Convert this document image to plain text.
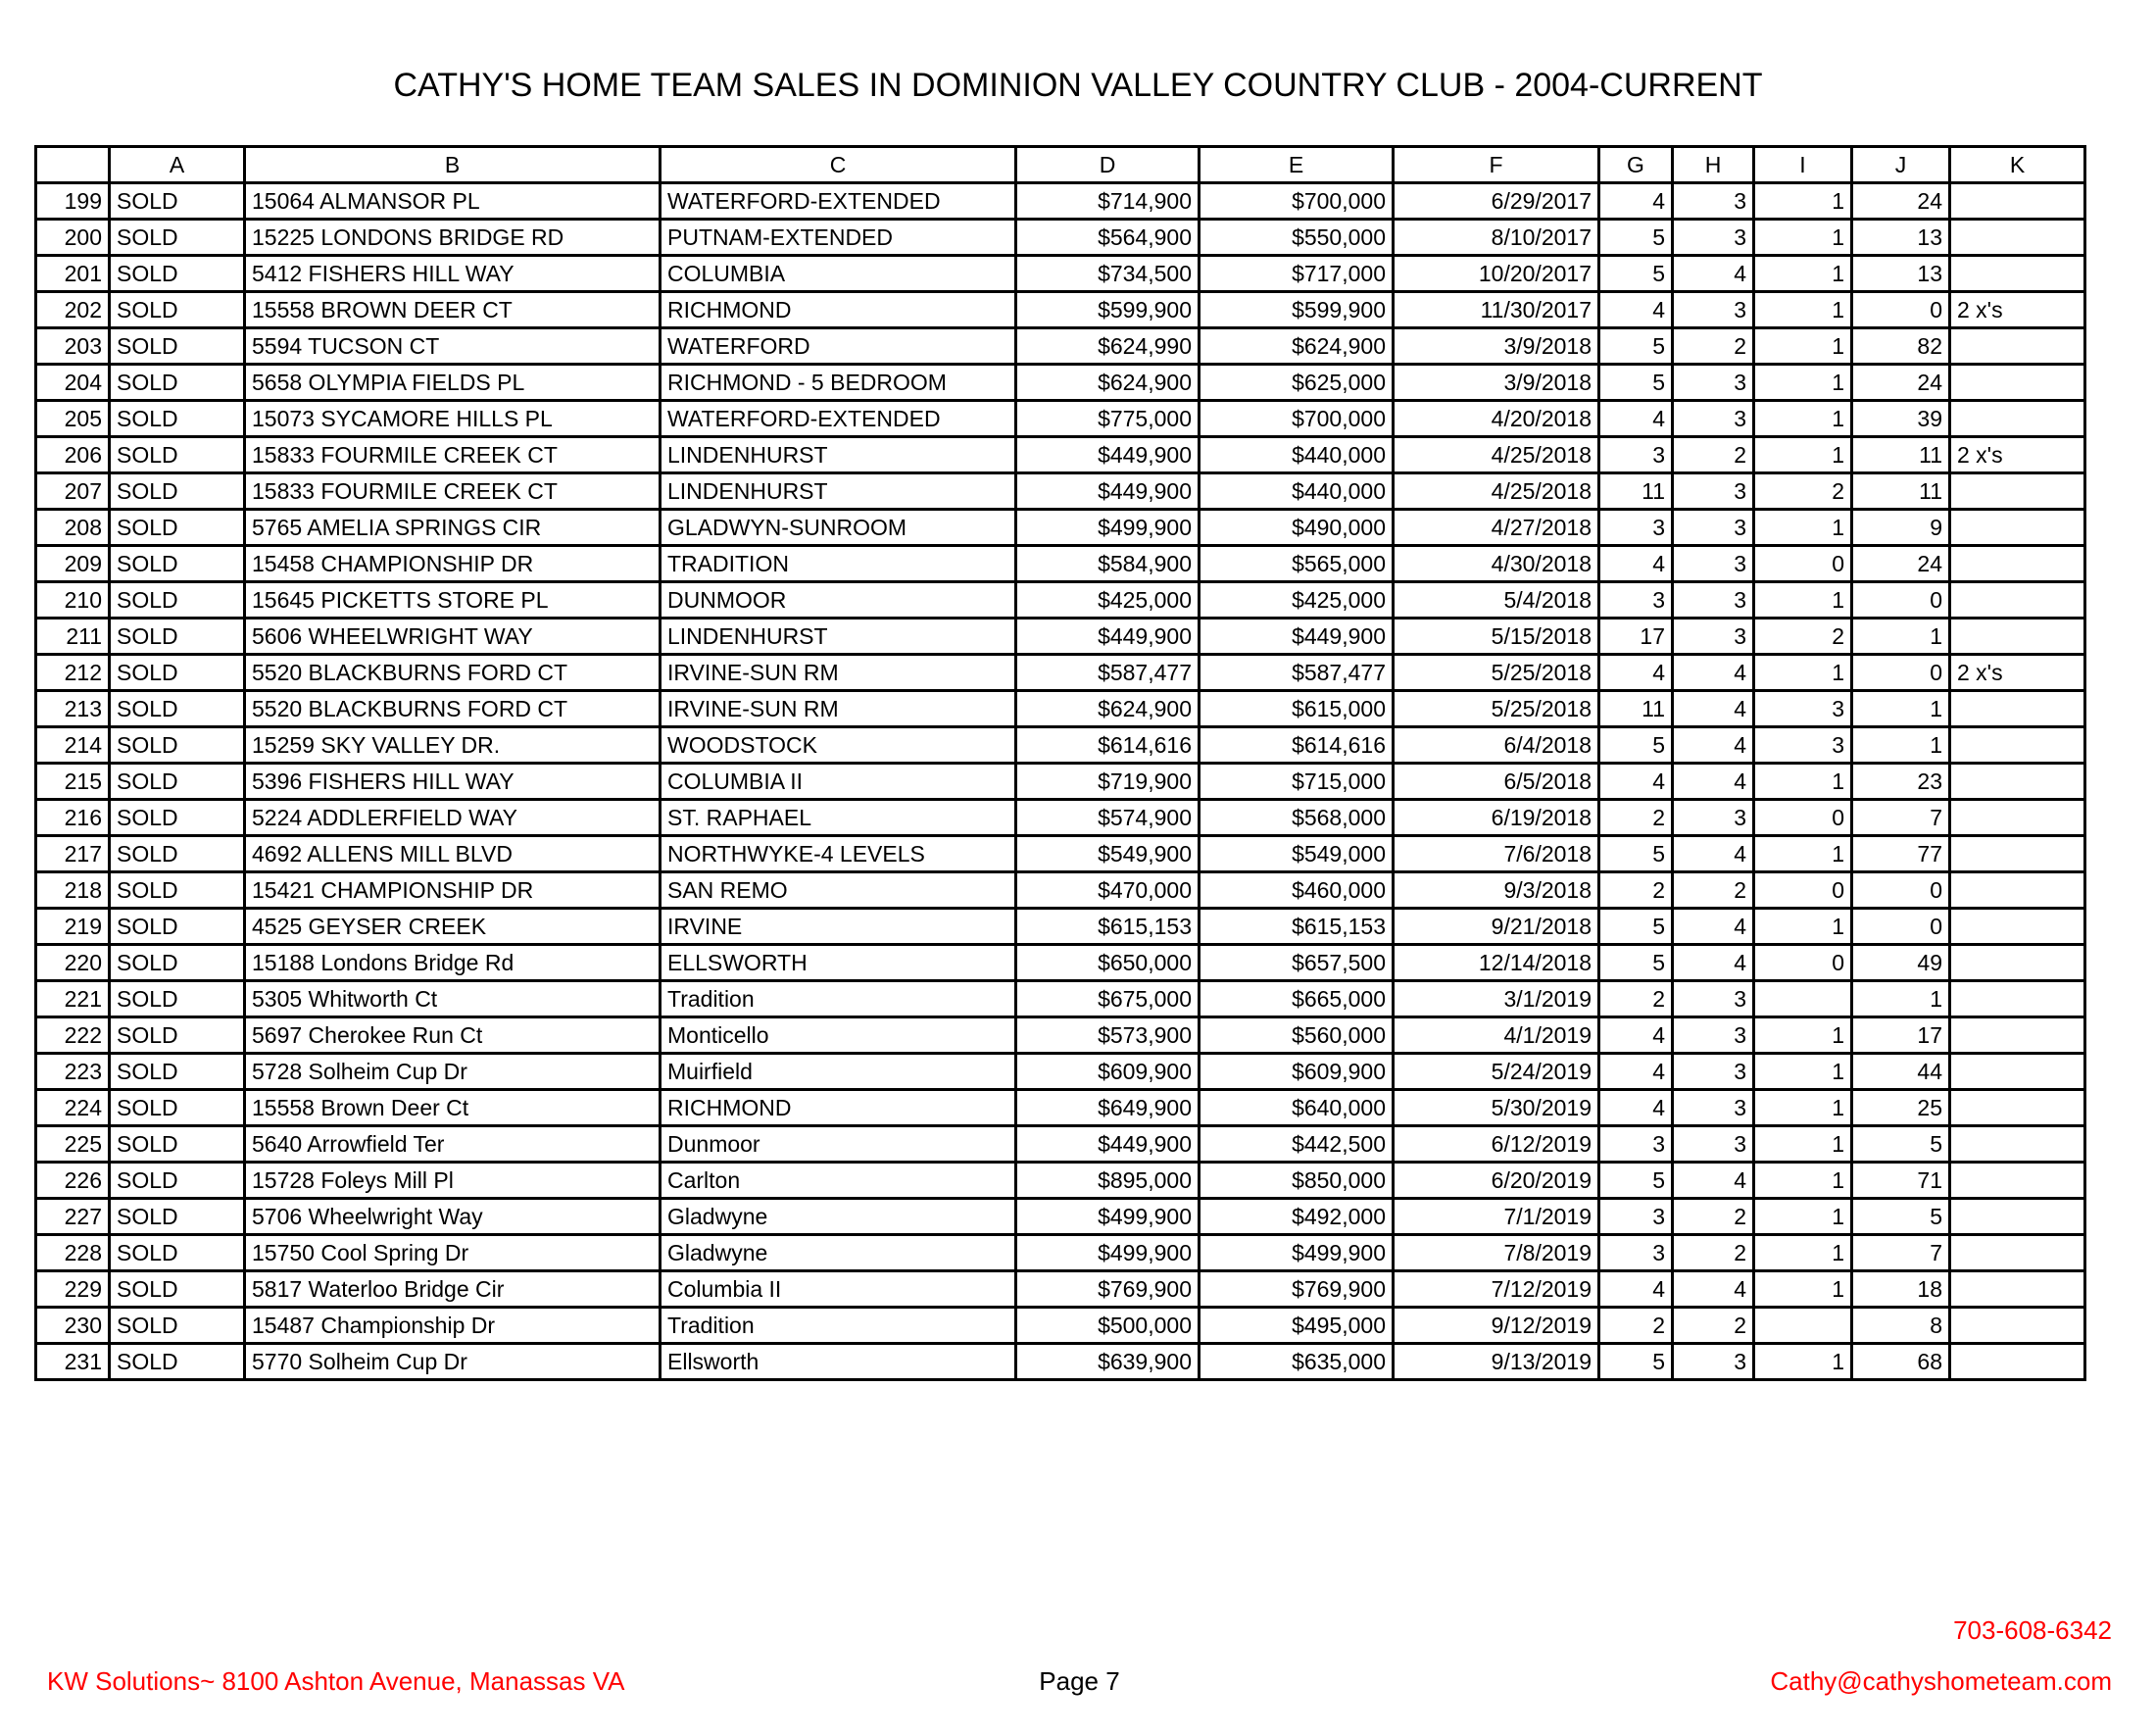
CATHY'S HOME TEAM SALES IN DOMINION VALLEY COUNTRY CLUB - 2004-CURRENT
	A	B	C	D	E	F	G	H	I	J	K
199	SOLD	15064 ALMANSOR PL	WATERFORD-EXTENDED	$714,900	$700,000	6/29/2017	4	3	1	24	
200	SOLD	15225 LONDONS BRIDGE RD	PUTNAM-EXTENDED	$564,900	$550,000	8/10/2017	5	3	1	13	
201	SOLD	5412 FISHERS HILL WAY	COLUMBIA	$734,500	$717,000	10/20/2017	5	4	1	13	
202	SOLD	15558 BROWN DEER CT	RICHMOND	$599,900	$599,900	11/30/2017	4	3	1	0	2 x's
203	SOLD	5594 TUCSON CT	WATERFORD	$624,990	$624,900	3/9/2018	5	2	1	82	
204	SOLD	5658 OLYMPIA FIELDS PL	RICHMOND - 5 BEDROOM	$624,900	$625,000	3/9/2018	5	3	1	24	
205	SOLD	15073 SYCAMORE HILLS PL	WATERFORD-EXTENDED	$775,000	$700,000	4/20/2018	4	3	1	39	
206	SOLD	15833 FOURMILE CREEK CT	LINDENHURST	$449,900	$440,000	4/25/2018	3	2	1	11	2 x's
207	SOLD	15833 FOURMILE CREEK CT	LINDENHURST	$449,900	$440,000	4/25/2018	11	3	2	11	
208	SOLD	5765 AMELIA SPRINGS CIR	GLADWYN-SUNROOM	$499,900	$490,000	4/27/2018	3	3	1	9	
209	SOLD	15458 CHAMPIONSHIP DR	TRADITION	$584,900	$565,000	4/30/2018	4	3	0	24	
210	SOLD	15645 PICKETTS STORE PL	DUNMOOR	$425,000	$425,000	5/4/2018	3	3	1	0	
211	SOLD	5606 WHEELWRIGHT WAY	LINDENHURST	$449,900	$449,900	5/15/2018	17	3	2	1	
212	SOLD	5520 BLACKBURNS FORD CT	IRVINE-SUN RM	$587,477	$587,477	5/25/2018	4	4	1	0	2 x's
213	SOLD	5520 BLACKBURNS FORD CT	IRVINE-SUN RM	$624,900	$615,000	5/25/2018	11	4	3	1	
214	SOLD	15259 SKY VALLEY DR.	WOODSTOCK	$614,616	$614,616	6/4/2018	5	4	3	1	
215	SOLD	5396 FISHERS HILL WAY	COLUMBIA II	$719,900	$715,000	6/5/2018	4	4	1	23	
216	SOLD	5224 ADDLERFIELD WAY	ST. RAPHAEL	$574,900	$568,000	6/19/2018	2	3	0	7	
217	SOLD	4692 ALLENS MILL BLVD	NORTHWYKE-4 LEVELS	$549,900	$549,000	7/6/2018	5	4	1	77	
218	SOLD	15421 CHAMPIONSHIP DR	SAN REMO	$470,000	$460,000	9/3/2018	2	2	0	0	
219	SOLD	4525 GEYSER CREEK	IRVINE	$615,153	$615,153	9/21/2018	5	4	1	0	
220	SOLD	15188 Londons Bridge Rd	ELLSWORTH	$650,000	$657,500	12/14/2018	5	4	0	49	
221	SOLD	5305 Whitworth Ct	Tradition	$675,000	$665,000	3/1/2019	2	3		1	
222	SOLD	5697 Cherokee Run Ct	Monticello	$573,900	$560,000	4/1/2019	4	3	1	17	
223	SOLD	5728 Solheim Cup Dr	Muirfield	$609,900	$609,900	5/24/2019	4	3	1	44	
224	SOLD	15558 Brown Deer Ct	RICHMOND	$649,900	$640,000	5/30/2019	4	3	1	25	
225	SOLD	5640 Arrowfield Ter	Dunmoor	$449,900	$442,500	6/12/2019	3	3	1	5	
226	SOLD	15728 Foleys Mill Pl	Carlton	$895,000	$850,000	6/20/2019	5	4	1	71	
227	SOLD	5706 Wheelwright Way	Gladwyne	$499,900	$492,000	7/1/2019	3	2	1	5	
228	SOLD	15750 Cool Spring Dr	Gladwyne	$499,900	$499,900	7/8/2019	3	2	1	7	
229	SOLD	5817 Waterloo Bridge Cir	Columbia II	$769,900	$769,900	7/12/2019	4	4	1	18	
230	SOLD	15487 Championship Dr	Tradition	$500,000	$495,000	9/12/2019	2	2		8	
231	SOLD	5770 Solheim Cup Dr	Ellsworth	$639,900	$635,000	9/13/2019	5	3	1	68	
703-608-6342
KW Solutions~ 8100 Ashton Avenue, Manassas VA	Page 7	Cathy@cathyshometeam.com
